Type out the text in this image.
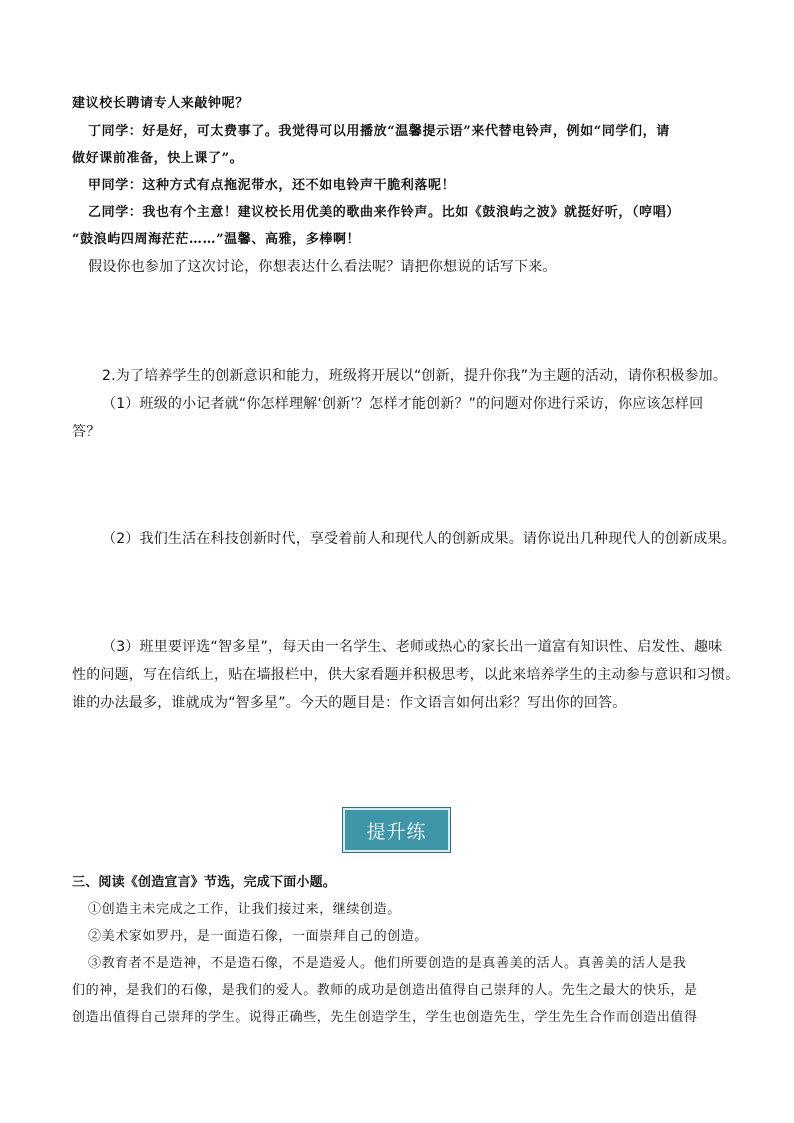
建议校长聘请专人来敲钟呢？
丁同学：好是好，可太费事了。我觉得可以用播放“温馨提示语”来代替电铃声，例如“同学们，请
做好课前准备，快上课了”。
甲同学：这种方式有点拖泥带水，还不如电铃声干脆利落呢！
乙同学：我也有个主意！建议校长用优美的歌曲来作铃声。比如《鼓浪屿之波》就挺好听，（哼唱）
“鼓浪屿四周海茫茫……”温馨、高雅，多棒啊！
假设你也参加了这次讨论，你想表达什么看法呢？请把你想说的话写下来。
2.为了培养学生的创新意识和能力，班级将开展以“创新，提升你我”为主题的活动，请你积极参加。
（1）班级的小记者就“你怎样理解‘创新’？怎样才能创新？”的问题对你进行采访，你应该怎样回
答？
（2）我们生活在科技创新时代，享受着前人和现代人的创新成果。请你说出几种现代人的创新成果。
（3）班里要评选“智多星”，每天由一名学生、老师或热心的家长出一道富有知识性、启发性、趣味
性的问题，写在信纸上，贴在墙报栏中，供大家看题并积极思考，以此来培养学生的主动参与意识和习惯。
谁的办法最多，谁就成为“智多星”。今天的题目是：作文语言如何出彩？写出你的回答。
提升练
三、阅读《创造宣言》节选，完成下面小题。
①创造主未完成之工作，让我们接过来，继续创造。
②美术家如罗丹，是一面造石像，一面崇拜自己的创造。
③教育者不是造神，不是造石像，不是造爱人。他们所要创造的是真善美的活人。真善美的活人是我
们的神，是我们的石像，是我们的爱人。教师的成功是创造出值得自己崇拜的人。先生之最大的快乐，是
创造出值得自己崇拜的学生。说得正确些，先生创造学生，学生也创造先生，学生先生合作而创造出值得
